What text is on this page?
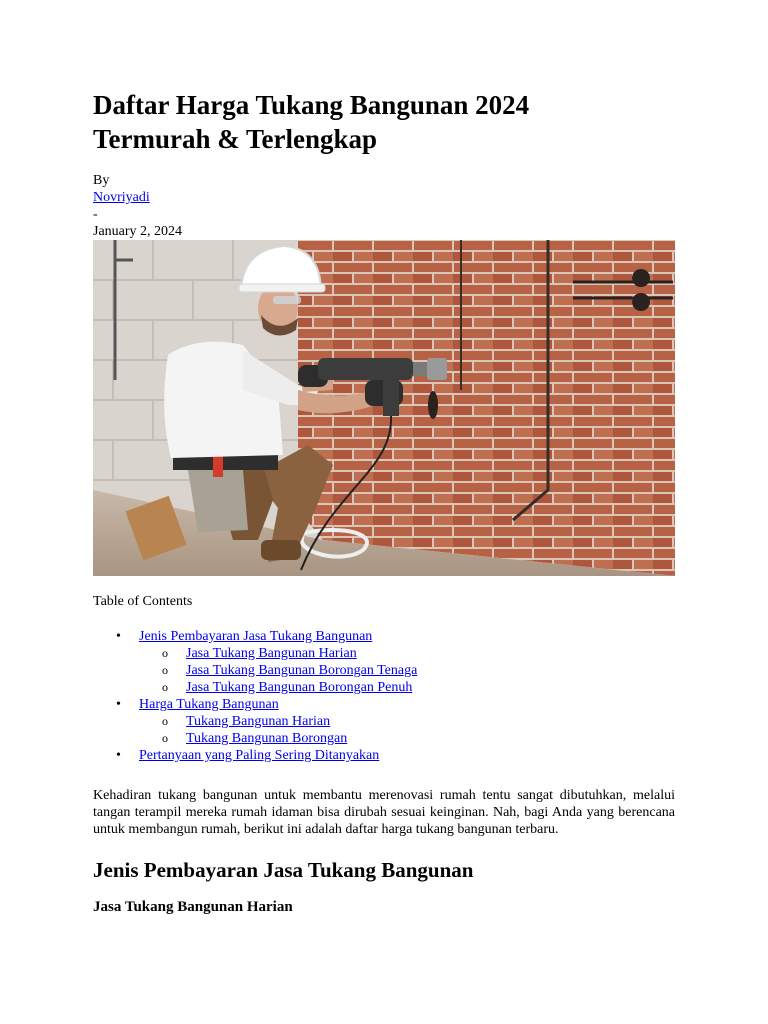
Daftar Harga Tukang Bangunan 2024
Termurah & Terlengkap
By
Novriyadi
-
January 2, 2024
Table of Contents
• Jenis Pembayaran Jasa Tukang Bangunan
o Jasa Tukang Bangunan Harian
o Jasa Tukang Bangunan Borongan Tenaga
o Jasa Tukang Bangunan Borongan Penuh
• Harga Tukang Bangunan
o Tukang Bangunan Harian
o Tukang Bangunan Borongan
• Pertanyaan yang Paling Sering Ditanyakan

Kehadiran tukang bangunan untuk membantu merenovasi rumah tentu sangat dibutuhkan, melalui tangan terampil mereka rumah idaman bisa dirubah sesuai keinginan. Nah, bagi Anda yang berencana untuk membangun rumah, berikut ini adalah daftar harga tukang bangunan terbaru.

Jenis Pembayaran Jasa Tukang Bangunan
Jasa Tukang Bangunan Harian
